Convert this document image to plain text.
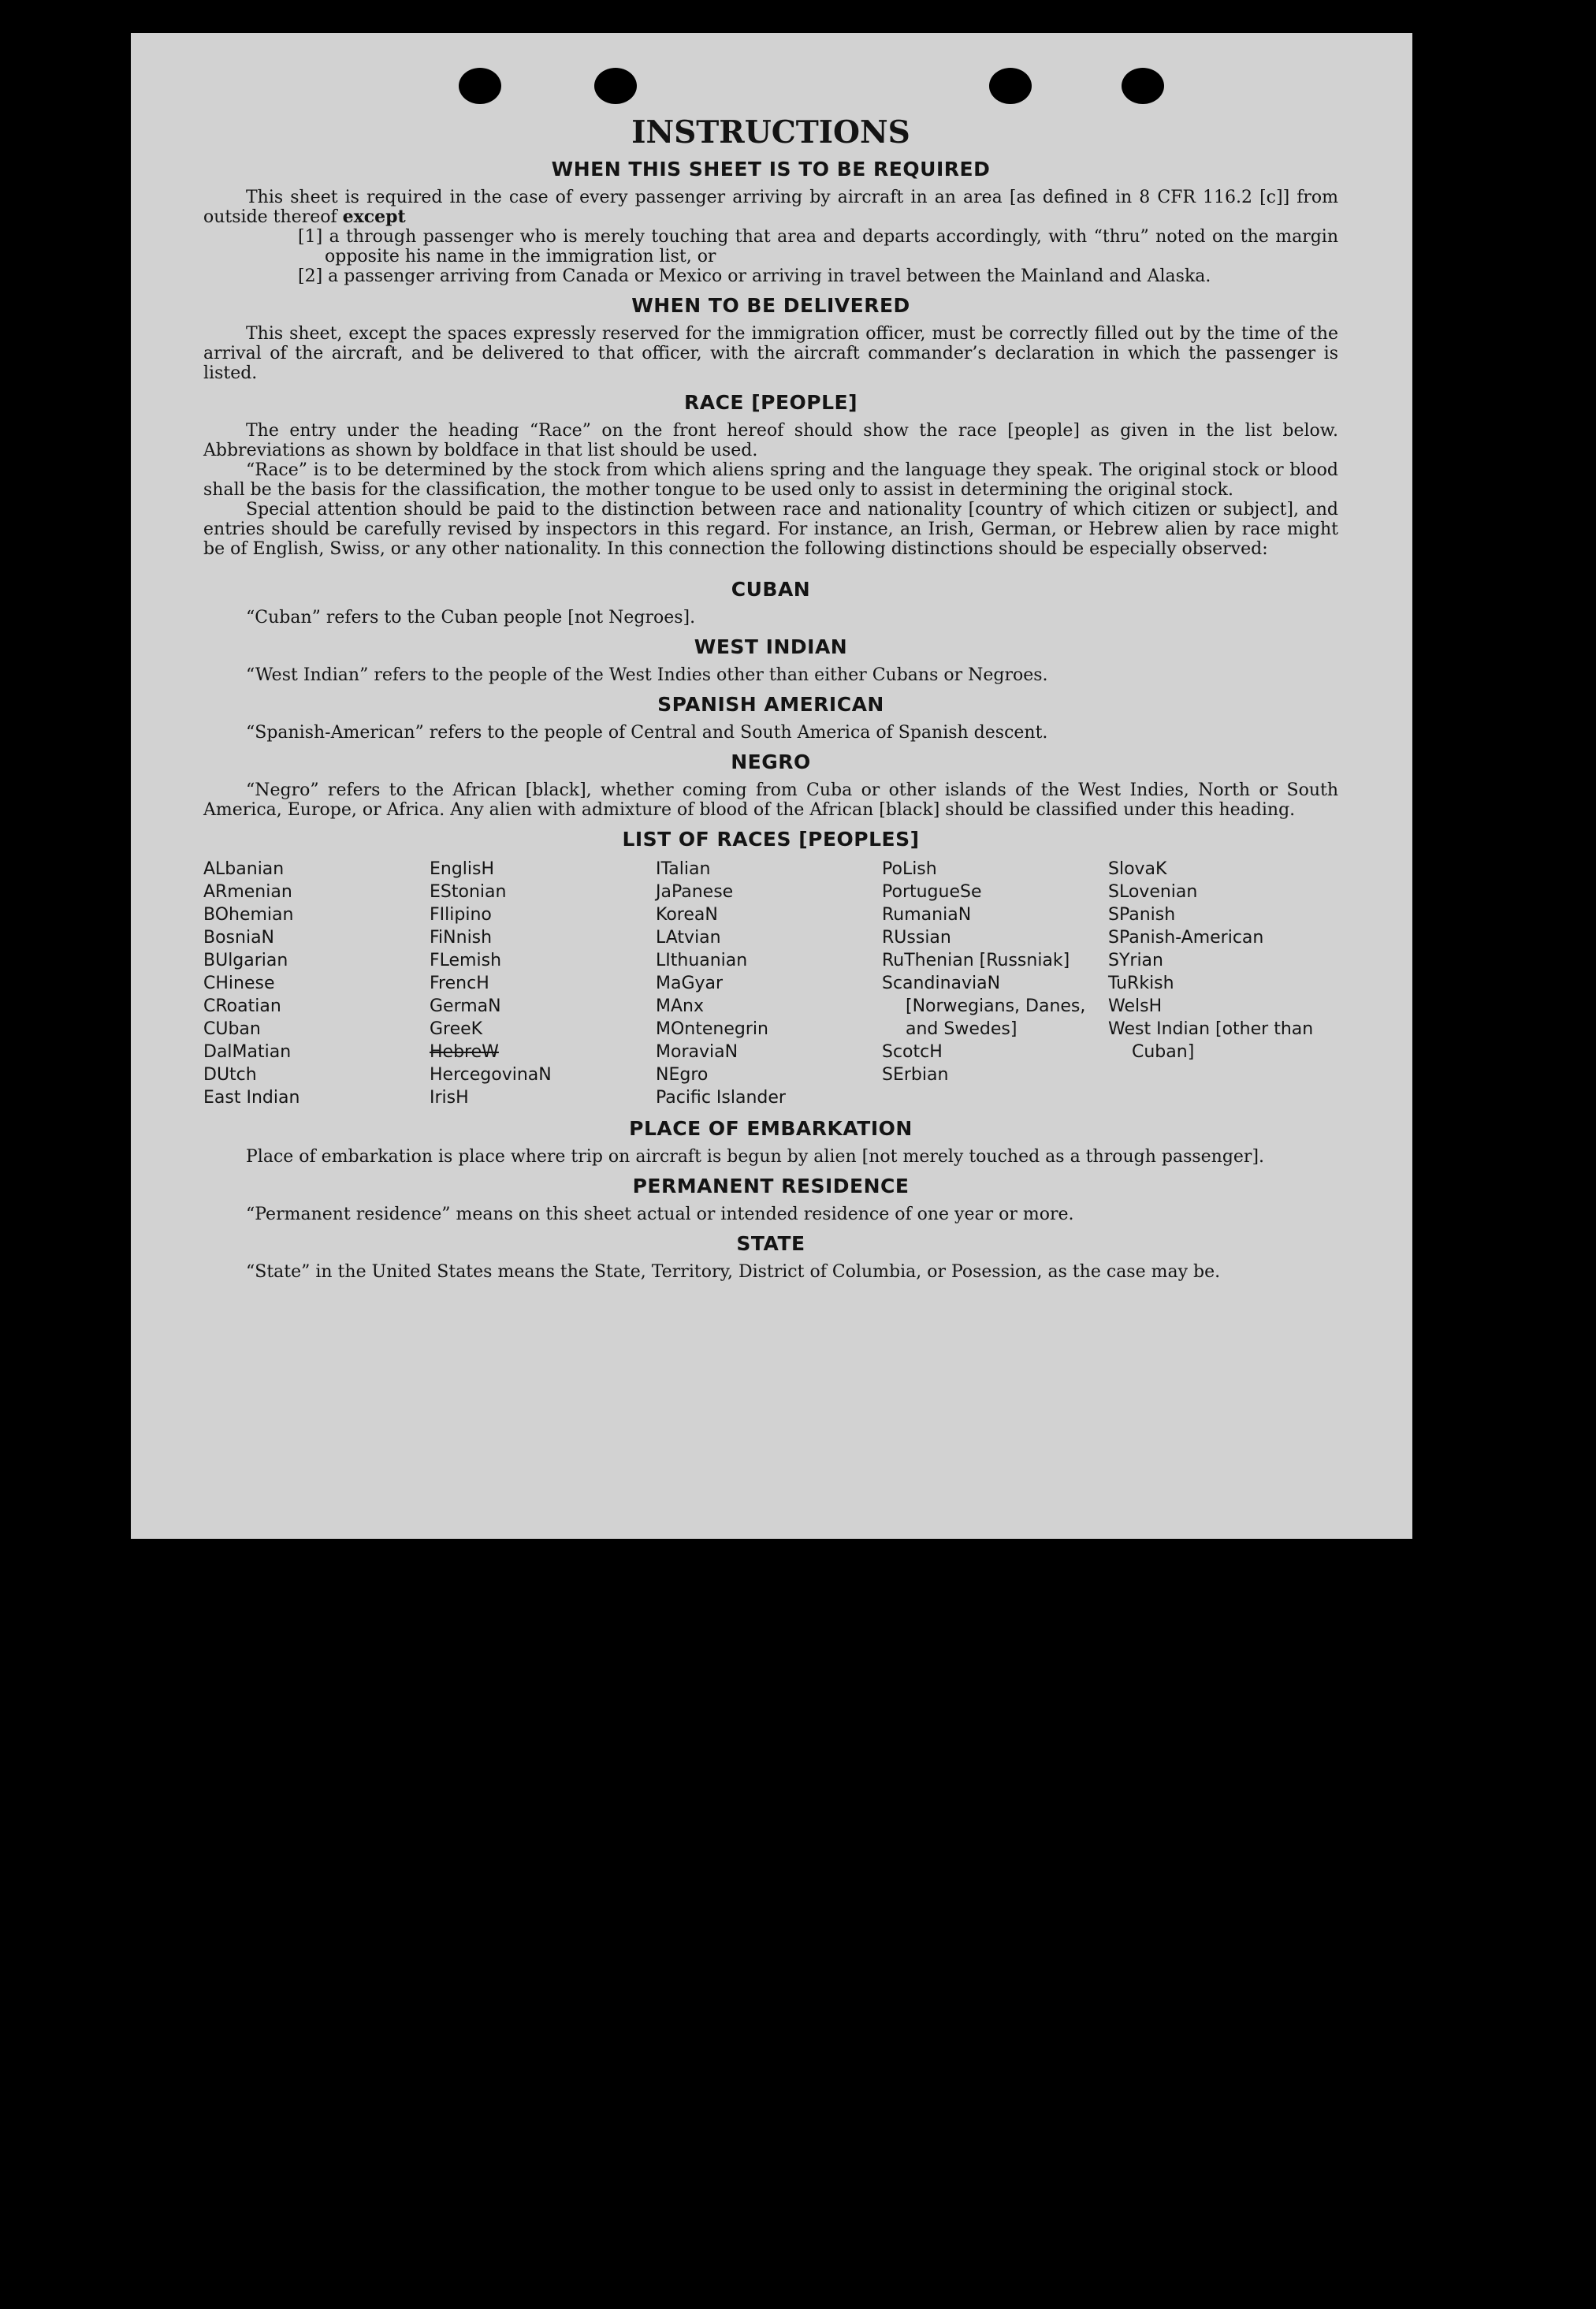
INSTRUCTIONS
WHEN THIS SHEET IS TO BE REQUIRED

This sheet is required in the case of every passenger arriving by aircraft in an area [as defined in 8 CFR 116.2 [c]] from outside thereof except

[1] a through passenger who is merely touching that area and departs accordingly, with “thru” noted on the margin opposite his name in the immigration list, or

[2] a passenger arriving from Canada or Mexico or arriving in travel between the Mainland and Alaska.

WHEN TO BE DELIVERED

This sheet, except the spaces expressly reserved for the immigration officer, must be correctly filled out by the time of the arrival of the aircraft, and be delivered to that officer, with the aircraft commander’s declaration in which the passenger is listed.

RACE [PEOPLE]

The entry under the heading “Race” on the front hereof should show the race [people] as given in the list below. Abbreviations as shown by boldface in that list should be used.

“Race” is to be determined by the stock from which aliens spring and the language they speak. The original stock or blood shall be the basis for the classification, the mother tongue to be used only to assist in determining the original stock.

Special attention should be paid to the distinction between race and nationality [country of which citizen or subject], and entries should be carefully revised by inspectors in this regard. For instance, an Irish, German, or Hebrew alien by race might be of English, Swiss, or any other nationality. In this connection the following distinctions should be especially observed:

CUBAN

“Cuban” refers to the Cuban people [not Negroes].

WEST INDIAN

“West Indian” refers to the people of the West Indies other than either Cubans or Negroes.

SPANISH AMERICAN

“Spanish-American” refers to the people of Central and South America of Spanish descent.

NEGRO

“Negro” refers to the African [black], whether coming from Cuba or other islands of the West Indies, North or South America, Europe, or Africa. Any alien with admixture of blood of the African [black] should be classified under this heading.

LIST OF RACES [PEOPLES]
ALbanian
ARmenian
BOhemian
BosniaN
BUlgarian
CHinese
CRoatian
CUban
DalMatian
DUtch
East Indian
EnglisH
EStonian
FIlipino
FiNnish
FLemish
FrencH
GermaN
GreeK
HebreW
HercegovinaN
IrisH
ITalian
JaPanese
KoreaN
LAtvian
LIthuanian
MaGyar
MAnx
MOntenegrin
MoraviaN
NEgro
Pacific Islander
PoLish
PortugueSe
RumaniaN
RUssian
RuThenian [Russniak]
ScandinaviaN [Norwegians, Danes, and Swedes]
ScotcH
SErbian
SlovaK
SLovenian
SPanish
SPanish-American
SYrian
TuRkish
WelsH
West Indian [other than Cuban]
PLACE OF EMBARKATION

Place of embarkation is place where trip on aircraft is begun by alien [not merely touched as a through passenger].

PERMANENT RESIDENCE

“Permanent residence” means on this sheet actual or intended residence of one year or more.

STATE

“State” in the United States means the State, Territory, District of Columbia, or Posession, as the case may be.
